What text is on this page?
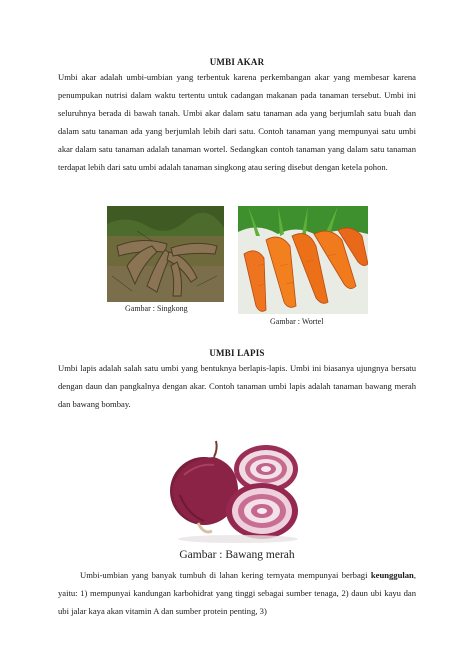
UMBI AKAR

Umbi akar adalah umbi-umbian yang terbentuk karena perkembangan akar yang membesar karena penumpukan nutrisi dalam waktu tertentu untuk cadangan makanan pada tanaman tersebut. Umbi ini seluruhnya berada di bawah tanah. Umbi akar dalam satu tanaman ada yang berjumlah satu buah dan dalam satu tanaman ada yang berjumlah lebih dari satu. Contoh tanaman yang mempunyai satu umbi akar dalam satu tanaman adalah tanaman wortel. Sedangkan contoh tanaman yang dalam satu tanaman terdapat lebih dari satu umbi adalah tanaman singkong atau sering disebut dengan ketela pohon.

Gambar : Singkong
Gambar : Wortel
UMBI LAPIS

Umbi lapis adalah salah satu umbi yang bentuknya berlapis-lapis. Umbi ini biasanya ujungnya bersatu dengan daun dan pangkalnya dengan akar. Contoh tanaman umbi lapis adalah tanaman bawang merah dan bawang bombay.

Gambar : Bawang merah

Umbi-umbian yang banyak tumbuh di lahan kering ternyata mempunyai berbagi keunggulan, yaitu: 1) mempunyai kandungan karbohidrat yang tinggi sebagai sumber tenaga, 2) daun ubi kayu dan ubi jalar kaya akan vitamin A dan sumber protein penting, 3)
